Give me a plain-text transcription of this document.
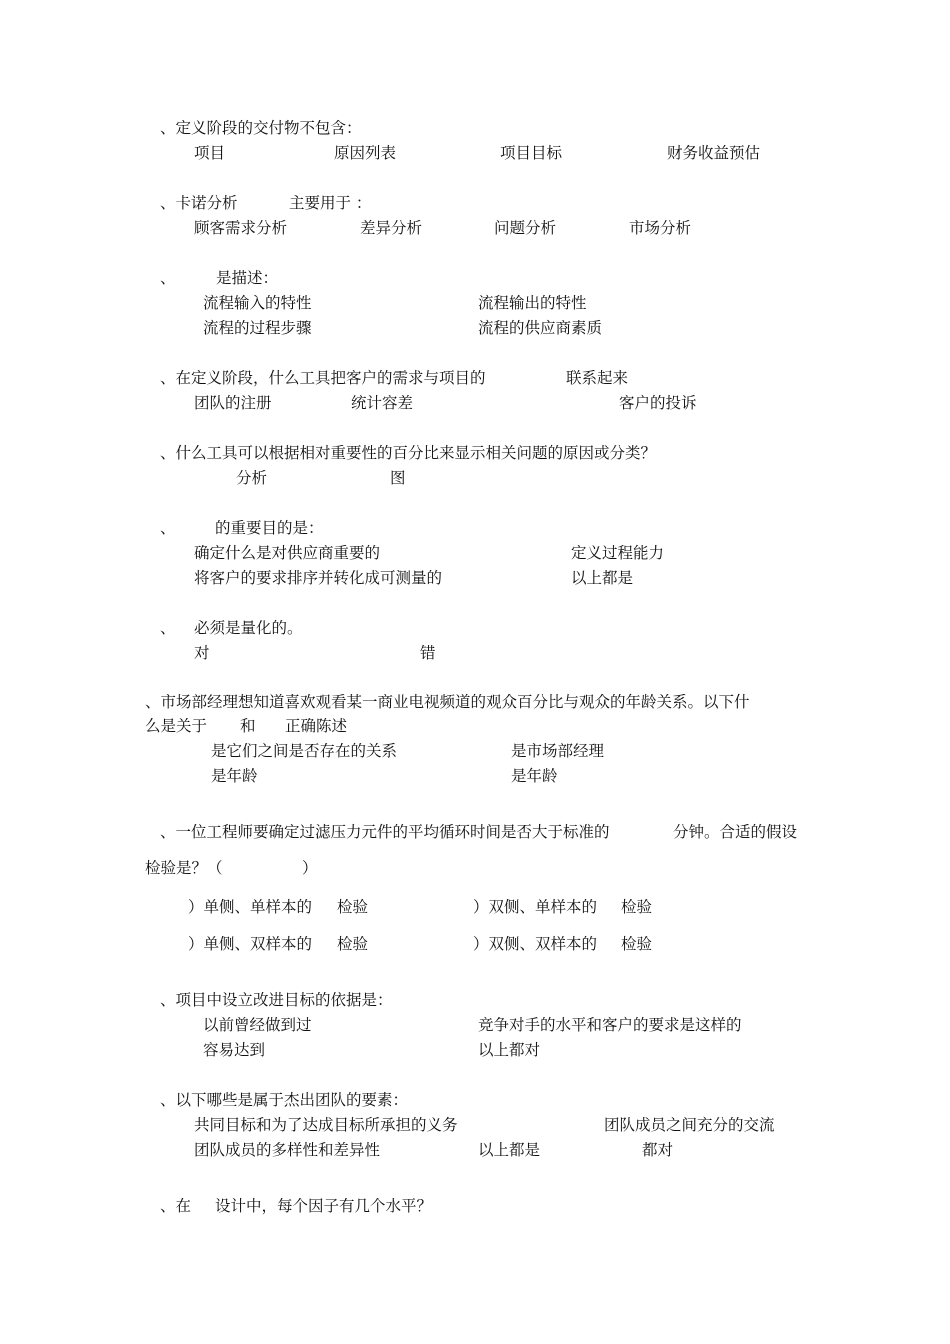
、定义阶段的交付物不包含：
项目	原因列表	项目目标	财务收益预估
、卡诺分析	主要用于 ：
顾客需求分析	差异分析	问题分析	市场分析
、	是描述：
流程输入的特性	流程输出的特性
流程的过程步骤	流程的供应商素质
、在定义阶段，什么工具把客户的需求与项目的	联系起来
团队的注册	统计容差	客户的投诉
、什么工具可以根据相对重要性的百分比来显示相关问题的原因或分类？
分析	图
、	的重要目的是：
确定什么是对供应商重要的	定义过程能力
将客户的要求排序并转化成可测量的	以上都是
、 必须是量化的。
对	错
、市场部经理想知道喜欢观看某一商业电视频道的观众百分比与观众的年龄关系。以下什
么是关于 和 正确陈述
是它们之间是否存在的关系	是市场部经理
是年龄	是年龄
、一位工程师要确定过滤压力元件的平均循环时间是否大于标准的	分钟。合适的假设
检验是？（	）
）单侧、单样本的 检验	）双侧、单样本的 检验
）单侧、双样本的 检验	）双侧、双样本的 检验
、项目中设立改进目标的依据是：
以前曾经做到过	竞争对手的水平和客户的要求是这样的
容易达到	以上都对
、以下哪些是属于杰出团队的要素：
共同目标和为了达成目标所承担的义务	团队成员之间充分的交流
团队成员的多样性和差异性	以上都是	都对
、在 设计中，每个因子有几个水平？
